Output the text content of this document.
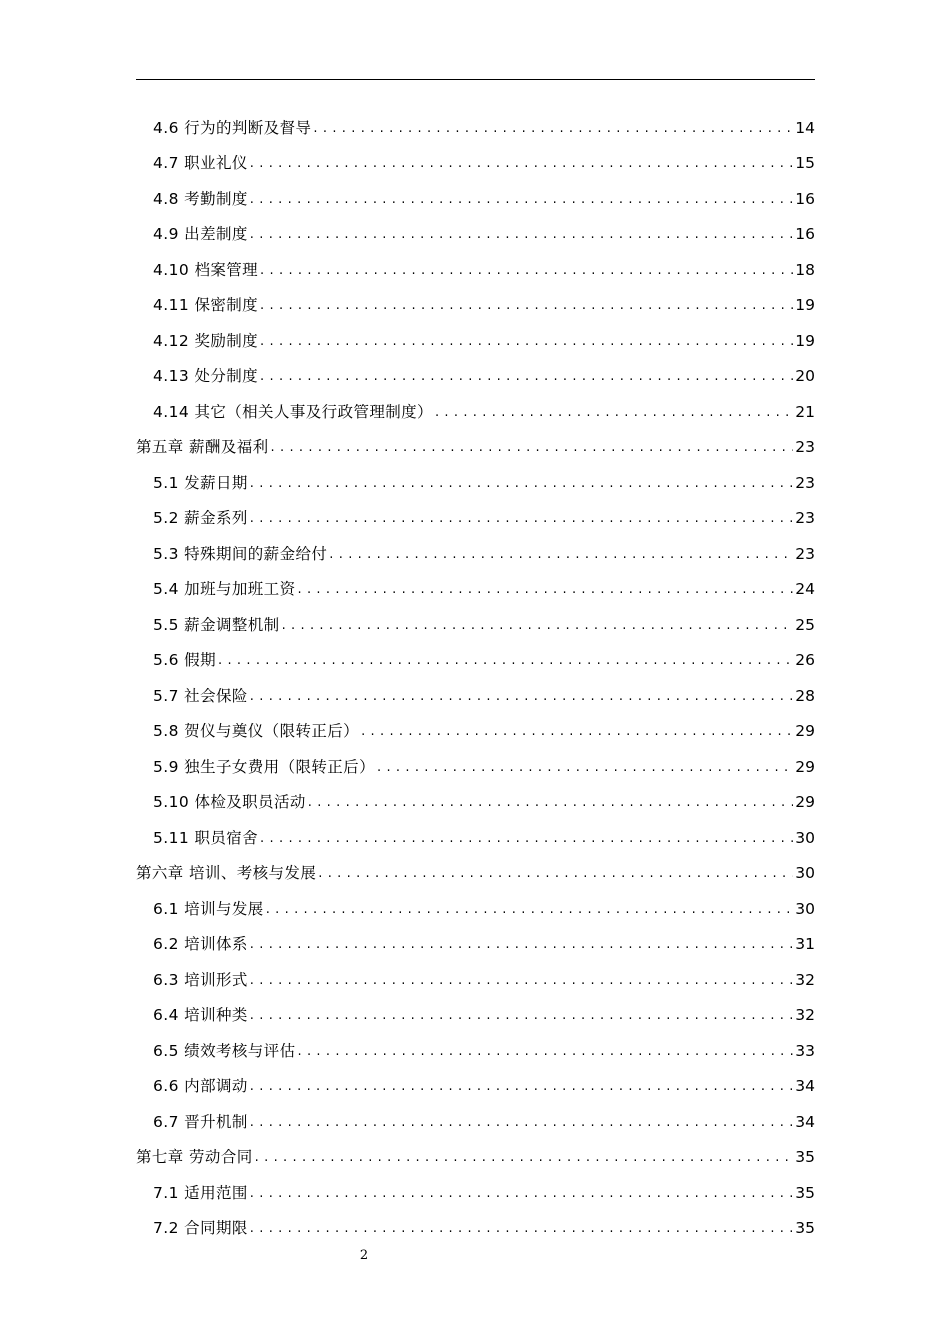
4.6 行为的判断及督导 . . .	14
4.7 职业礼仪 . . .	15
4.8 考勤制度 . . .	16
4.9 出差制度 . . .	16
4.10 档案管理 . . .	18
4.11 保密制度 . . .	19
4.12 奖励制度 . . .	19
4.13 处分制度 . . .	20
4.14 其它（相关人事及行政管理制度） . . .	21
第五章 薪酬及福利 . . .	23
5.1 发薪日期 . . .	23
5.2 薪金系列 . . .	23
5.3 特殊期间的薪金给付 . . .	23
5.4 加班与加班工资 . . .	24
5.5 薪金调整机制 . . .	25
5.6 假期 . . .	26
5.7 社会保险 . . .	28
5.8 贺仪与奠仪（限转正后） . . .	29
5.9 独生子女费用（限转正后） . . .	29
5.10 体检及职员活动 . . .	29
5.11 职员宿舍 . . .	30
第六章 培训、考核与发展 . . .	30
6.1 培训与发展 . . .	30
6.2 培训体系 . . .	31
6.3 培训形式 . . .	32
6.4 培训种类 . . .	32
6.5 绩效考核与评估 . . .	33
6.6 内部调动 . . .	34
6.7 晋升机制 . . .	34
第七章 劳动合同 . . .	35
7.1 适用范围 . . .	35
7.2 合同期限 . . .	35
2
